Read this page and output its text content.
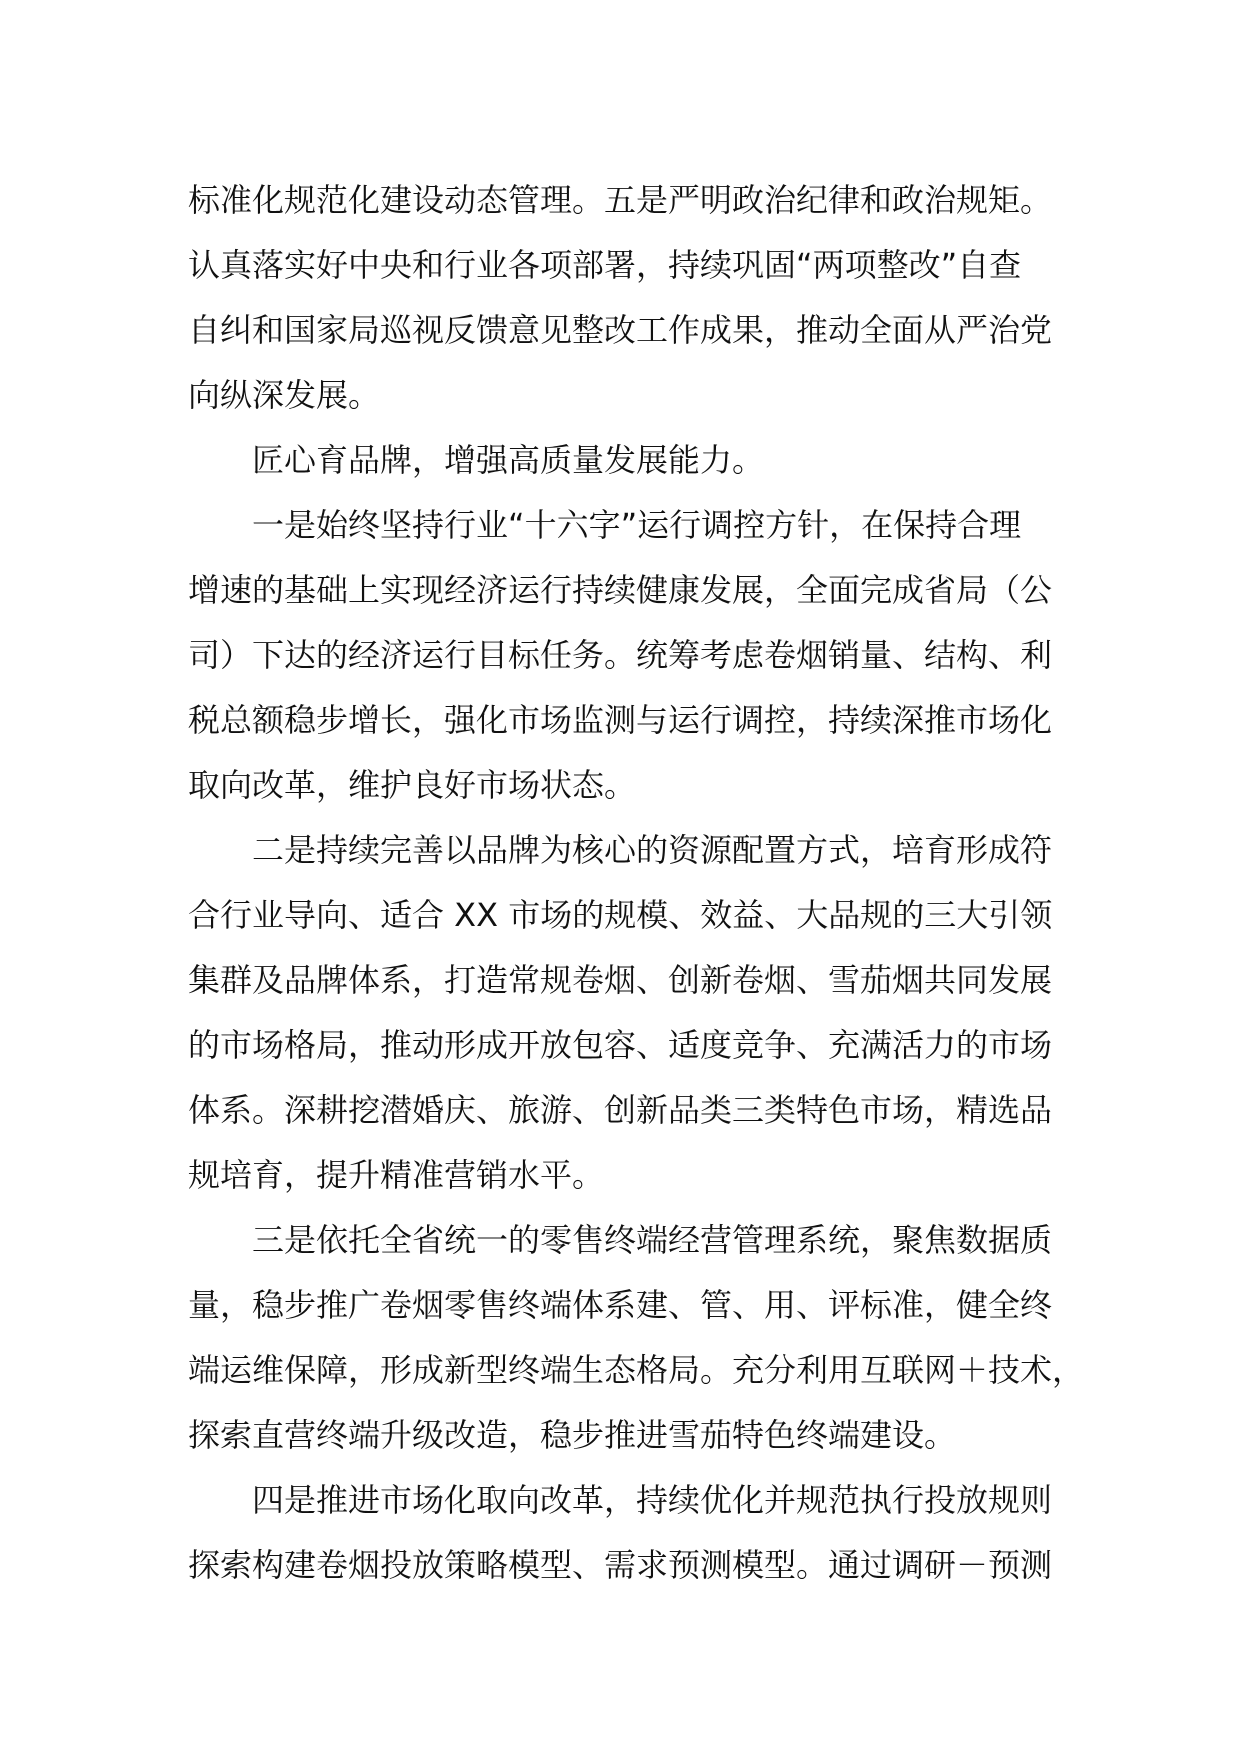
标准化规范化建设动态管理。五是严明政治纪律和政治规矩。
认真落实好中央和行业各项部署，持续巩固“两项整改”自查
自纠和国家局巡视反馈意见整改工作成果，推动全面从严治党
向纵深发展。
匠心育品牌，增强高质量发展能力。
一是始终坚持行业“十六字”运行调控方针，在保持合理
增速的基础上实现经济运行持续健康发展，全面完成省局（公
司）下达的经济运行目标任务。统筹考虑卷烟销量、结构、利
税总额稳步增长，强化市场监测与运行调控，持续深推市场化
取向改革，维护良好市场状态。
二是持续完善以品牌为核心的资源配置方式，培育形成符
合行业导向、适合 XX 市场的规模、效益、大品规的三大引领
集群及品牌体系，打造常规卷烟、创新卷烟、雪茄烟共同发展
的市场格局，推动形成开放包容、适度竞争、充满活力的市场
体系。深耕挖潜婚庆、旅游、创新品类三类特色市场，精选品
规培育，提升精准营销水平。
三是依托全省统一的零售终端经营管理系统，聚焦数据质
量，稳步推广卷烟零售终端体系建、管、用、评标准，健全终
端运维保障，形成新型终端生态格局。充分利用互联网＋技术，
探索直营终端升级改造，稳步推进雪茄特色终端建设。
四是推进市场化取向改革，持续优化并规范执行投放规则
探索构建卷烟投放策略模型、需求预测模型。通过调研－预测
